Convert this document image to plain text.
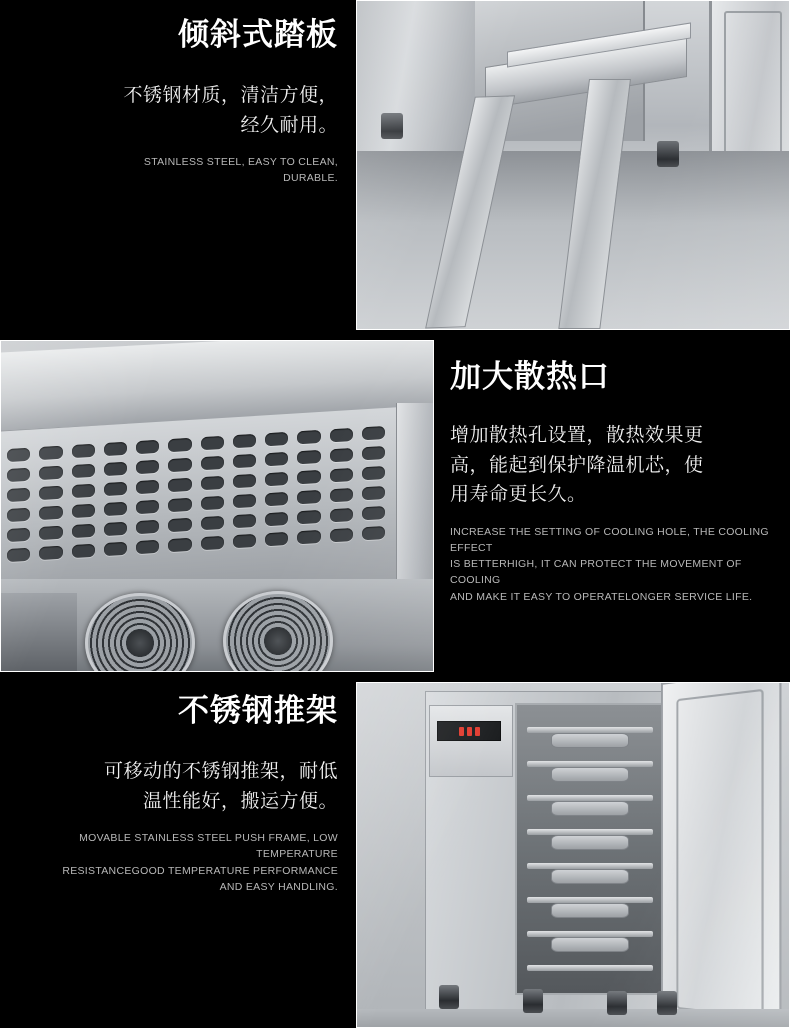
倾斜式踏板

不锈钢材质，清洁方便，

经久耐用。

STAINLESS STEEL, EASY TO CLEAN,

DURABLE.

加大散热口

增加散热孔设置，散热效果更

高，能起到保护降温机芯，使

用寿命更长久。

INCREASE THE SETTING OF COOLING HOLE, THE COOLING EFFECT

IS BETTERHIGH, IT CAN PROTECT THE MOVEMENT OF COOLING

AND MAKE IT EASY TO OPERATELONGER SERVICE LIFE.

不锈钢推架

可移动的不锈钢推架，耐低

温性能好，搬运方便。

MOVABLE STAINLESS STEEL PUSH FRAME, LOW TEMPERATURE

RESISTANCEGOOD TEMPERATURE PERFORMANCE

AND EASY HANDLING.
